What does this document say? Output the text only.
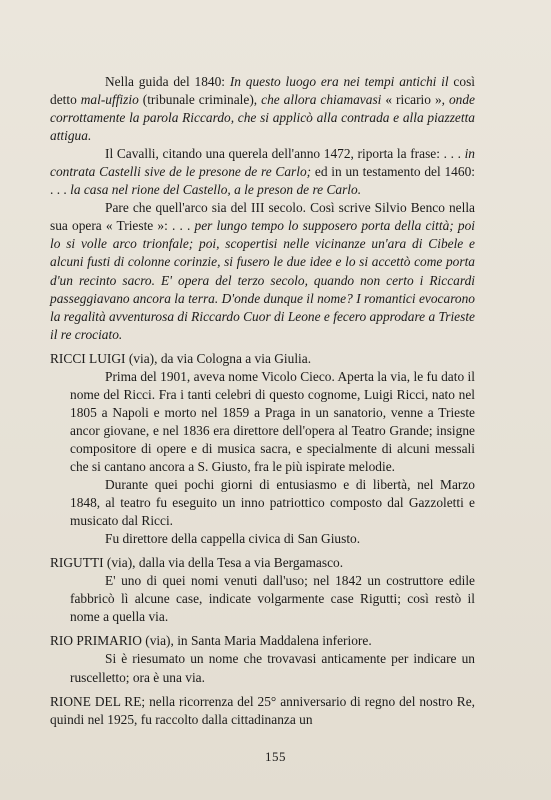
Nella guida del 1840: In questo luogo era nei tempi antichi il così detto mal-uffizio (tribunale criminale), che allora chiamavasi « ricario », onde corrottamente la parola Riccardo, che si applicò alla contrada e alla piazzetta attigua.

Il Cavalli, citando una querela dell'anno 1472, riporta la frase: . . . in contrata Castelli sive de le presone de re Carlo; ed in un testamento del 1460: . . . la casa nel rione del Castello, a le preson de re Carlo.

Pare che quell'arco sia del III secolo. Così scrive Silvio Benco nella sua opera « Trieste »: . . . per lungo tempo lo supposero porta della città; poi lo si volle arco trionfale; poi, scopertisi nelle vicinanze un'ara di Cibele e alcuni fusti di colonne corinzie, si fusero le due idee e lo si accettò come porta d'un recinto sacro. E' opera del terzo secolo, quando non certo i Riccardi passeggiavano ancora la terra. D'onde dunque il nome? I romantici evocarono la regalità avventurosa di Riccardo Cuor di Leone e fecero approdare a Trieste il re crociato.

RICCI LUIGI (via), da via Cologna a via Giulia.

Prima del 1901, aveva nome Vicolo Cieco. Aperta la via, le fu dato il nome del Ricci. Fra i tanti celebri di questo cognome, Luigi Ricci, nato nel 1805 a Napoli e morto nel 1859 a Praga in un sanatorio, venne a Trieste ancor giovane, e nel 1836 era direttore dell'opera al Teatro Grande; insigne compositore di opere e di musica sacra, e specialmente di alcuni messali che si cantano ancora a S. Giusto, fra le più ispirate melodie.

Durante quei pochi giorni di entusiasmo e di libertà, nel Marzo 1848, al teatro fu eseguito un inno patriottico composto dal Gazzoletti e musicato dal Ricci.

Fu direttore della cappella civica di San Giusto.

RIGUTTI (via), dalla via della Tesa a via Bergamasco.

E' uno di quei nomi venuti dall'uso; nel 1842 un costruttore edile fabbricò lì alcune case, indicate volgarmente case Rigutti; così restò il nome a quella via.

RIO PRIMARIO (via), in Santa Maria Maddalena inferiore.

Si è riesumato un nome che trovavasi anticamente per indicare un ruscelletto; ora è una via.

RIONE DEL RE; nella ricorrenza del 25° anniversario di regno del nostro Re, quindi nel 1925, fu raccolto dalla cittadinanza un

155
